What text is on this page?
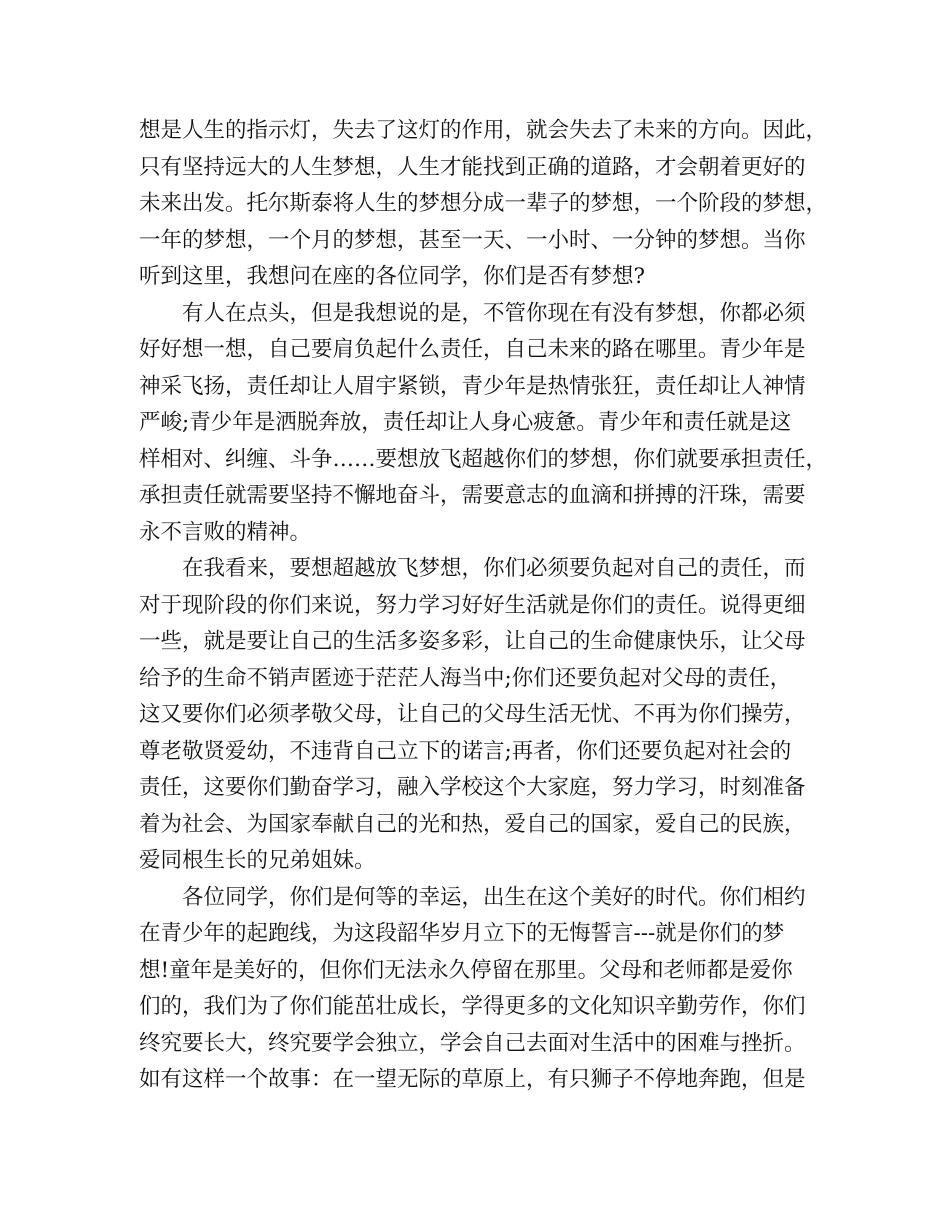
想是人生的指示灯，失去了这灯的作用，就会失去了未来的方向。因此，
只有坚持远大的人生梦想，人生才能找到正确的道路，才会朝着更好的
未来出发。托尔斯泰将人生的梦想分成一辈子的梦想，一个阶段的梦想，
一年的梦想，一个月的梦想，甚至一天、一小时、一分钟的梦想。当你
听到这里，我想问在座的各位同学，你们是否有梦想?
　　有人在点头，但是我想说的是，不管你现在有没有梦想，你都必须
好好想一想，自己要肩负起什么责任，自己未来的路在哪里。青少年是
神采飞扬，责任却让人眉宇紧锁，青少年是热情张狂，责任却让人神情
严峻;青少年是洒脱奔放，责任却让人身心疲惫。青少年和责任就是这
样相对、纠缠、斗争……要想放飞超越你们的梦想，你们就要承担责任，
承担责任就需要坚持不懈地奋斗，需要意志的血滴和拼搏的汗珠，需要
永不言败的精神。
　　在我看来，要想超越放飞梦想，你们必须要负起对自己的责任，而
对于现阶段的你们来说，努力学习好好生活就是你们的责任。说得更细
一些，就是要让自己的生活多姿多彩，让自己的生命健康快乐，让父母
给予的生命不销声匿迹于茫茫人海当中;你们还要负起对父母的责任，
这又要你们必须孝敬父母，让自己的父母生活无忧、不再为你们操劳，
尊老敬贤爱幼，不违背自己立下的诺言;再者，你们还要负起对社会的
责任，这要你们勤奋学习，融入学校这个大家庭，努力学习，时刻准备
着为社会、为国家奉献自己的光和热，爱自己的国家，爱自己的民族，
爱同根生长的兄弟姐妹。
　　各位同学，你们是何等的幸运，出生在这个美好的时代。你们相约
在青少年的起跑线，为这段韶华岁月立下的无悔誓言---就是你们的梦
想!童年是美好的，但你们无法永久停留在那里。父母和老师都是爱你
们的，我们为了你们能茁壮成长，学得更多的文化知识辛勤劳作，你们
终究要长大，终究要学会独立，学会自己去面对生活中的困难与挫折。
如有这样一个故事：在一望无际的草原上，有只狮子不停地奔跑，但是
